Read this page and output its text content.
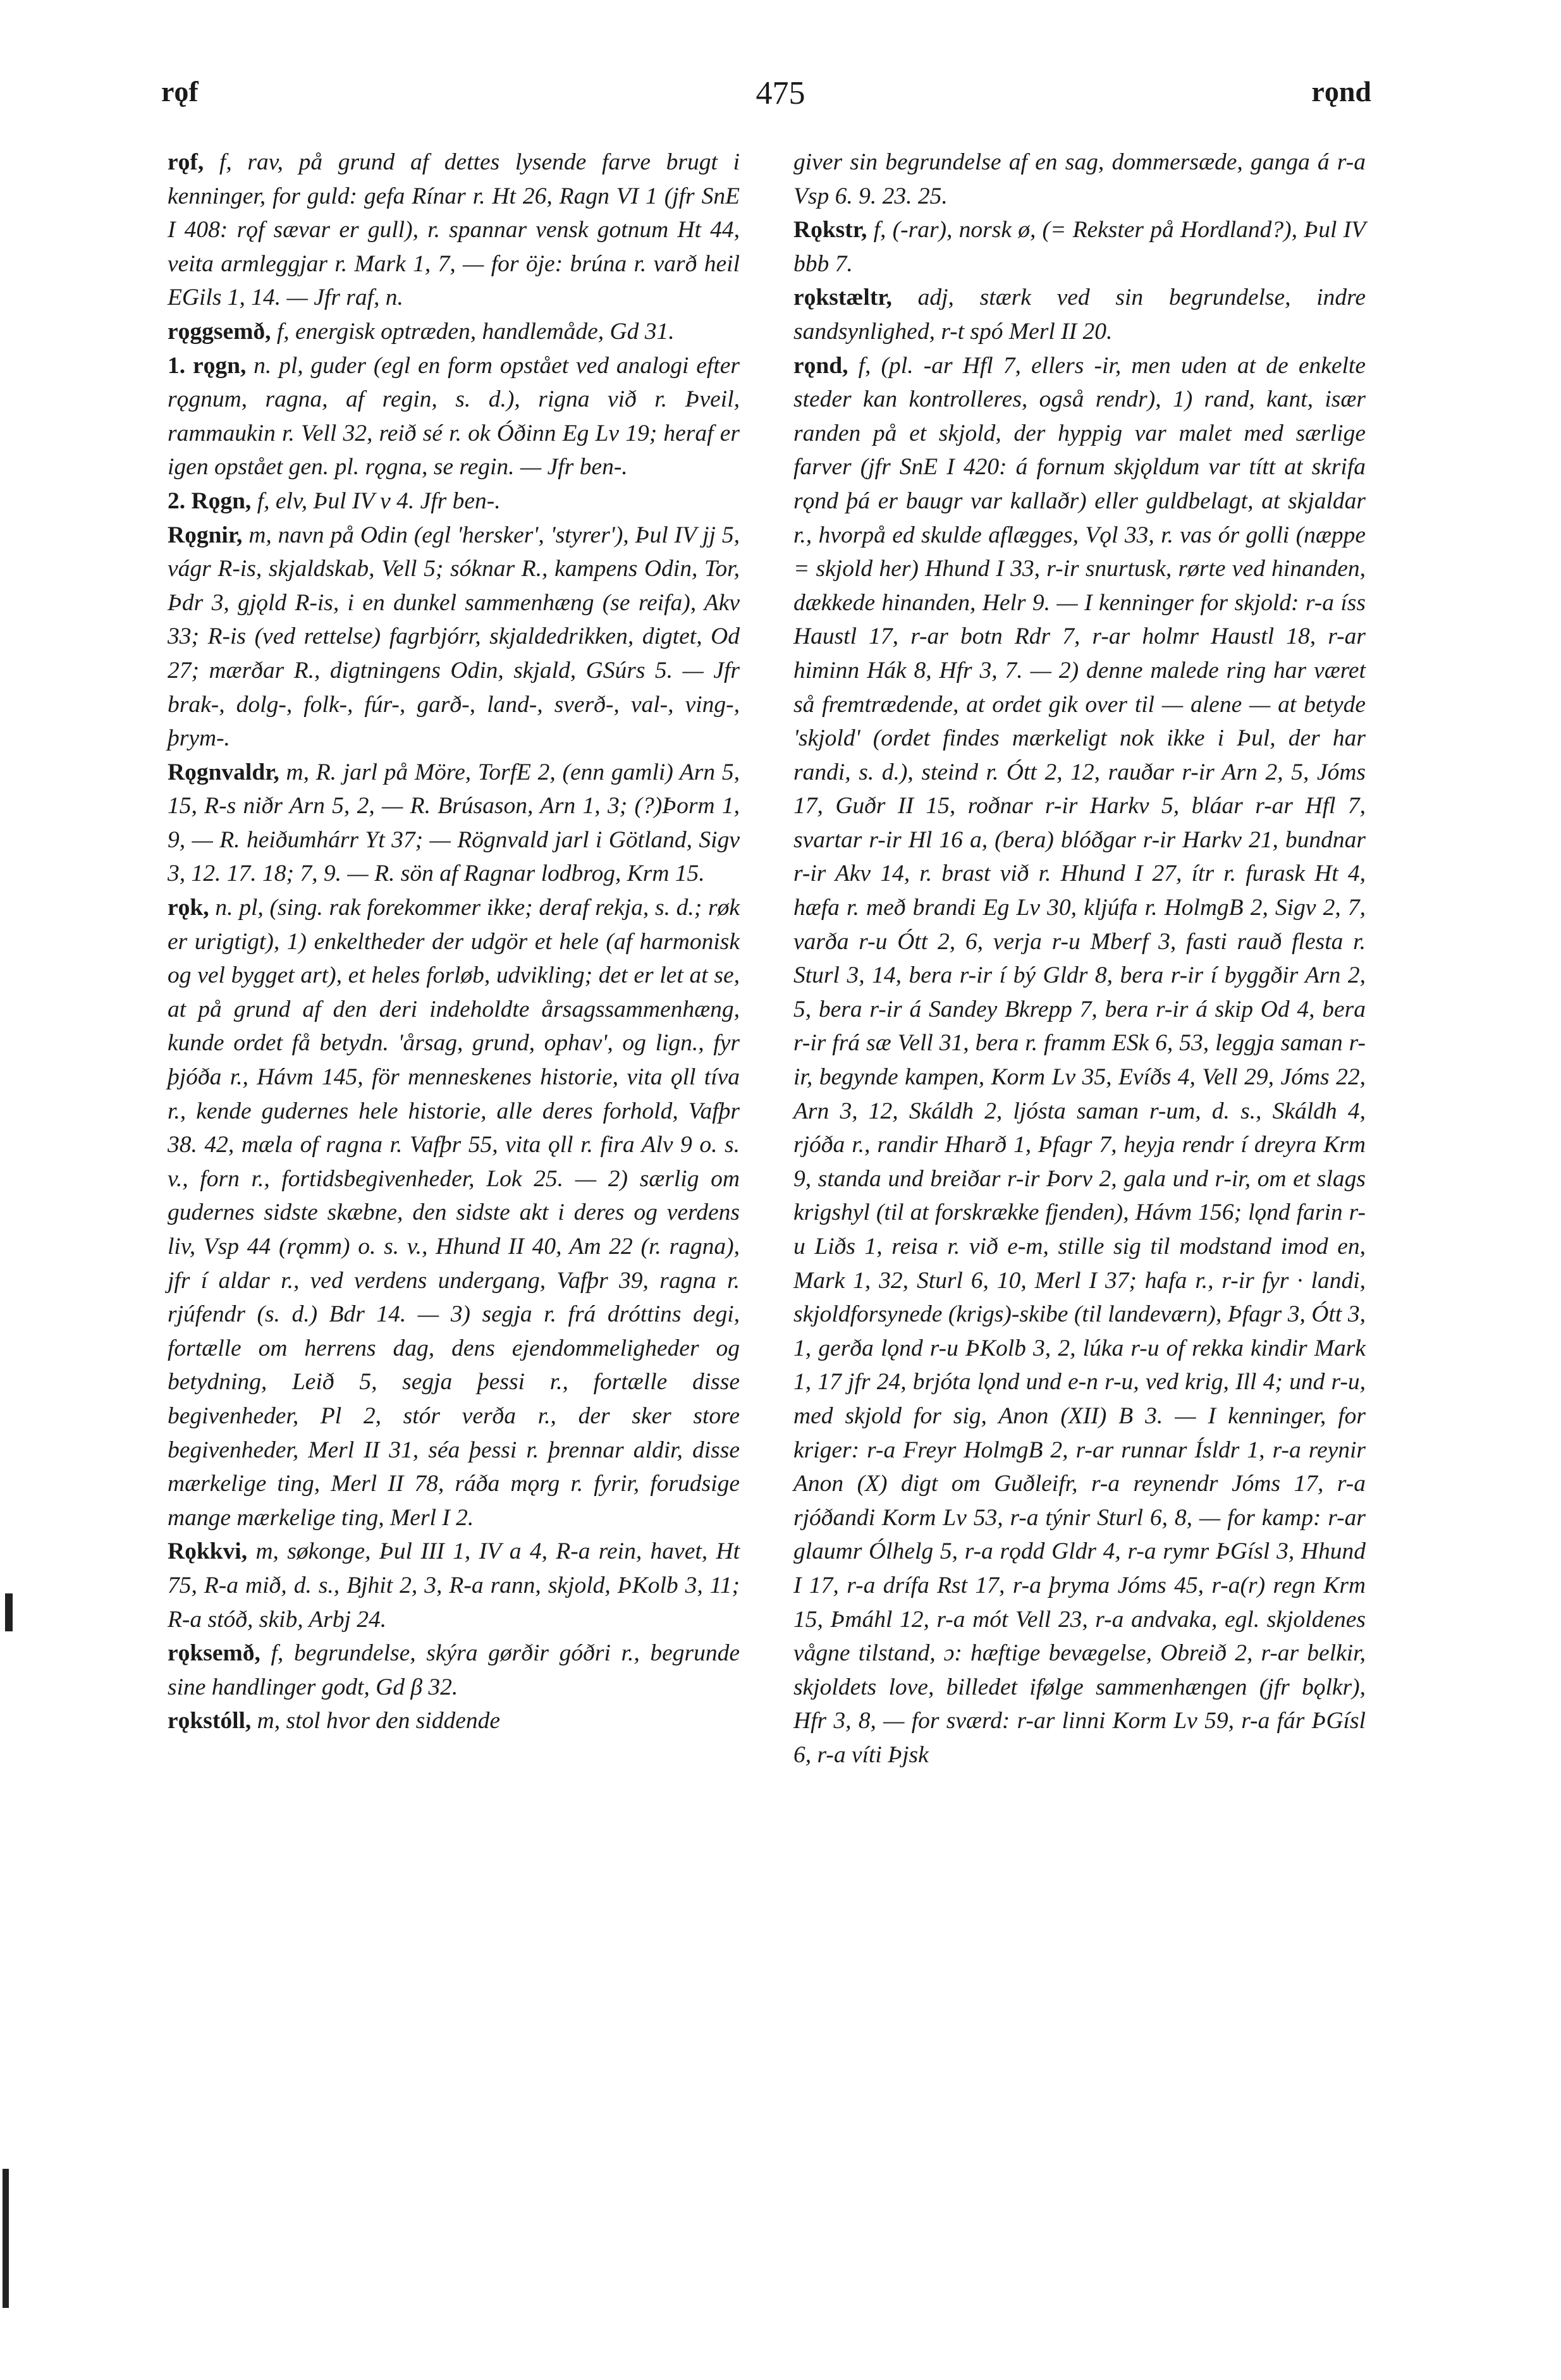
475
rǫf	rǫnd

rǫf, f, rav, på grund af dettes lysende farve brugt i kenninger, for guld: gefa Rínar r. Ht 26, Ragn VI 1 (jfr SnE I 408: rǫf sævar er gull), r. spannar vensk gotnum Ht 44, veita armleggjar r. Mark 1, 7, — for öje: brúna r. varð heil EGils 1, 14. — Jfr raf, n.

rǫggsemð, f, energisk optræden, handlemåde, Gd 31.

1. rǫgn, n. pl, guder (egl en form opstået ved analogi efter rǫgnum, ragna, af regin, s. d.), rigna við r. Þveil, rammaukin r. Vell 32, reið sé r. ok Óðinn Eg Lv 19; heraf er igen opstået gen. pl. rǫgna, se regin. — Jfr ben-.

2. Rǫgn, f, elv, Þul IV v 4. Jfr ben-.

Rǫgnir, m, navn på Odin (egl 'hersker', 'styrer'), Þul IV jj 5, vágr R-is, skjaldskab, Vell 5; sóknar R., kampens Odin, Tor, Þdr 3, gjǫld R-is, i en dunkel sammenhæng (se reifa), Akv 33; R-is (ved rettelse) fagrbjórr, skjaldedrikken, digtet, Od 27; mærðar R., digtningens Odin, skjald, GSúrs 5. — Jfr brak-, dolg-, folk-, fúr-, garð-, land-, sverð-, val-, ving-, þrym-.

Rǫgnvaldr, m, R. jarl på Möre, TorfE 2, (enn gamli) Arn 5, 15, R-s niðr Arn 5, 2, — R. Brúsason, Arn 1, 3; (?)Þorm 1, 9, — R. heiðumhárr Yt 37; — Rögnvald jarl i Götland, Sigv 3, 12. 17. 18; 7, 9. — R. sön af Ragnar lodbrog, Krm 15.

rǫk, n. pl, (sing. rak forekommer ikke; deraf rekja, s. d.; røk er urigtigt), 1) enkeltheder der udgör et hele (af harmonisk og vel bygget art), et heles forløb, udvikling; det er let at se, at på grund af den deri indeholdte årsagssammenhæng, kunde ordet få betydn. 'årsag, grund, ophav', og lign., fyr þjóða r., Hávm 145, för menneskenes historie, vita ǫll tíva r., kende gudernes hele historie, alle deres forhold, Vafþr 38. 42, mæla of ragna r. Vafþr 55, vita ǫll r. fira Alv 9 o. s. v., forn r., fortidsbegivenheder, Lok 25. — 2) særlig om gudernes sidste skæbne, den sidste akt i deres og verdens liv, Vsp 44 (rǫmm) o. s. v., Hhund II 40, Am 22 (r. ragna), jfr í aldar r., ved verdens undergang, Vafþr 39, ragna r. rjúfendr (s. d.) Bdr 14. — 3) segja r. frá dróttins degi, fortælle om herrens dag, dens ejendommeligheder og betydning, Leið 5, segja þessi r., fortælle disse begivenheder, Pl 2, stór verða r., der sker store begivenheder, Merl II 31, séa þessi r. þrennar aldir, disse mærkelige ting, Merl II 78, ráða mǫrg r. fyrir, forudsige mange mærkelige ting, Merl I 2.

Rǫkkvi, m, søkonge, Þul III 1, IV a 4, R-a rein, havet, Ht 75, R-a mið, d. s., Bjhit 2, 3, R-a rann, skjold, ÞKolb 3, 11; R-a stóð, skib, Arbj 24.

rǫksemð, f, begrundelse, skýra gørðir góðri r., begrunde sine handlinger godt, Gd β 32.

rǫkstóll, m, stol hvor den siddende

giver sin begrundelse af en sag, dommersæde, ganga á r-a Vsp 6. 9. 23. 25.

Rǫkstr, f, (-rar), norsk ø, (= Rekster på Hordland?), Þul IV bbb 7.

rǫkstæltr, adj, stærk ved sin begrundelse, indre sandsynlighed, r-t spó Merl II 20.

rǫnd, f, (pl. -ar Hfl 7, ellers -ir, men uden at de enkelte steder kan kontrolleres, også rendr), 1) rand, kant, især randen på et skjold, der hyppig var malet med særlige farver (jfr SnE I 420: á fornum skjǫldum var títt at skrifa rǫnd þá er baugr var kallaðr) eller guldbelagt, at skjaldar r., hvorpå ed skulde aflægges, Vǫl 33, r. vas ór golli (næppe = skjold her) Hhund I 33, r-ir snurtusk, rørte ved hinanden, dækkede hinanden, Helr 9. — I kenninger for skjold: r-a íss Haustl 17, r-ar botn Rdr 7, r-ar holmr Haustl 18, r-ar himinn Hák 8, Hfr 3, 7. — 2) denne malede ring har været så fremtrædende, at ordet gik over til — alene — at betyde 'skjold' (ordet findes mærkeligt nok ikke i Þul, der har randi, s. d.), steind r. Ótt 2, 12, rauðar r-ir Arn 2, 5, Jóms 17, Guðr II 15, roðnar r-ir Harkv 5, bláar r-ar Hfl 7, svartar r-ir Hl 16 a, (bera) blóðgar r-ir Harkv 21, bundnar r-ir Akv 14, r. brast við r. Hhund I 27, ítr r. furask Ht 4, hæfa r. með brandi Eg Lv 30, kljúfa r. HolmgB 2, Sigv 2, 7, varða r-u Ótt 2, 6, verja r-u Mberf 3, fasti rauð flesta r. Sturl 3, 14, bera r-ir í bý Gldr 8, bera r-ir í byggðir Arn 2, 5, bera r-ir á Sandey Bkrepp 7, bera r-ir á skip Od 4, bera r-ir frá sæ Vell 31, bera r. framm ESk 6, 53, leggja saman r-ir, begynde kampen, Korm Lv 35, Evíðs 4, Vell 29, Jóms 22, Arn 3, 12, Skáldh 2, ljósta saman r-um, d. s., Skáldh 4, rjóða r., randir Hharð 1, Þfagr 7, heyja rendr í dreyra Krm 9, standa und breiðar r-ir Þorv 2, gala und r-ir, om et slags krigshyl (til at forskrække fjenden), Hávm 156; lǫnd farin r-u Liðs 1, reisa r. við e-m, stille sig til modstand imod en, Mark 1, 32, Sturl 6, 10, Merl I 37; hafa r., r-ir fyr · landi, skjoldforsynede (krigs)-skibe (til landeværn), Þfagr 3, Ótt 3, 1, gerða lǫnd r-u ÞKolb 3, 2, lúka r-u of rekka kindir Mark 1, 17 jfr 24, brjóta lǫnd und e-n r-u, ved krig, Ill 4; und r-u, med skjold for sig, Anon (XII) B 3. — I kenninger, for kriger: r-a Freyr HolmgB 2, r-ar runnar Ísldr 1, r-a reynir Anon (X) digt om Guðleifr, r-a reynendr Jóms 17, r-a rjóðandi Korm Lv 53, r-a týnir Sturl 6, 8, — for kamp: r-ar glaumr Ólhelg 5, r-a rǫdd Gldr 4, r-a rymr ÞGísl 3, Hhund I 17, r-a drífa Rst 17, r-a þryma Jóms 45, r-a(r) regn Krm 15, Þmáhl 12, r-a mót Vell 23, r-a andvaka, egl. skjoldenes vågne tilstand, ɔ: hæftige bevægelse, Obreið 2, r-ar belkir, skjoldets love, billedet ifølge sammenhængen (jfr bǫlkr), Hfr 3, 8, — for sværd: r-ar linni Korm Lv 59, r-a fár ÞGísl 6, r-a víti Þjsk
